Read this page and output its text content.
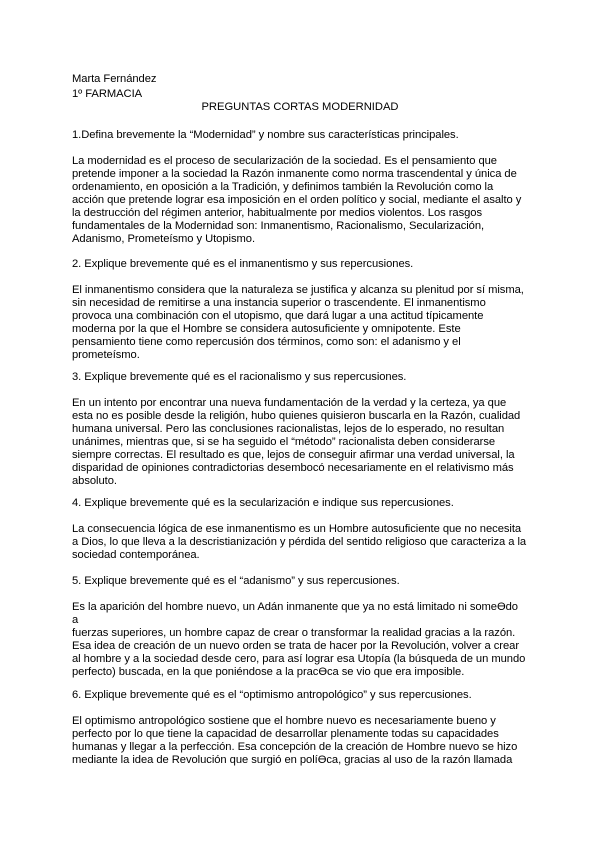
Marta Fernández
1º FARMACIA
PREGUNTAS CORTAS MODERNIDAD
1.Defina brevemente la “Modernidad” y nombre sus características principales.
La modernidad es el proceso de secularización de la sociedad. Es el pensamiento que
pretende imponer a la sociedad la Razón inmanente como norma trascendental y única de
ordenamiento, en oposición a la Tradición, y definimos también la Revolución como la
acción que pretende lograr esa imposición en el orden político y social, mediante el asalto y
la destrucción del régimen anterior, habitualmente por medios violentos. Los rasgos
fundamentales de la Modernidad son: Inmanentismo, Racionalismo, Secularización,
Adanismo, Prometeísmo y Utopismo.
2. Explique brevemente qué es el inmanentismo y sus repercusiones.
El inmanentismo considera que la naturaleza se justifica y alcanza su plenitud por sí misma,
sin necesidad de remitirse a una instancia superior o trascendente. El inmanentismo
provoca una combinación con el utopismo, que dará lugar a una actitud típicamente
moderna por la que el Hombre se considera autosuficiente y omnipotente. Este
pensamiento tiene como repercusión dos términos, como son: el adanismo y el
prometeísmo.
3. Explique brevemente qué es el racionalismo y sus repercusiones.
En un intento por encontrar una nueva fundamentación de la verdad y la certeza, ya que
esta no es posible desde la religión, hubo quienes quisieron buscarla en la Razón, cualidad
humana universal. Pero las conclusiones racionalistas, lejos de lo esperado, no resultan
unánimes, mientras que, si se ha seguido el “método” racionalista deben considerarse
siempre correctas. El resultado es que, lejos de conseguir afirmar una verdad universal, la
disparidad de opiniones contradictorias desembocó necesariamente en el relativismo más
absoluto.
4. Explique brevemente qué es la secularización e indique sus repercusiones.
La consecuencia lógica de ese inmanentismo es un Hombre autosuficiente que no necesita
a Dios, lo que lleva a la descristianización y pérdida del sentido religioso que caracteriza a la
sociedad contemporánea.
5. Explique brevemente qué es el “adanismo” y sus repercusiones.
Es la aparición del hombre nuevo, un Adán inmanente que ya no está limitado ni someϴdo
a
fuerzas superiores, un hombre capaz de crear o transformar la realidad gracias a la razón.
Esa idea de creación de un nuevo orden se trata de hacer por la Revolución, volver a crear
al hombre y a la sociedad desde cero, para así lograr esa Utopía (la búsqueda de un mundo
perfecto) buscada, en la que poniéndose a la pracϴca se vio que era imposible.
6. Explique brevemente qué es el “optimismo antropológico” y sus repercusiones.
El optimismo antropológico sostiene que el hombre nuevo es necesariamente bueno y
perfecto por lo que tiene la capacidad de desarrollar plenamente todas su capacidades
humanas y llegar a la perfección. Esa concepción de la creación de Hombre nuevo se hizo
mediante la idea de Revolución que surgió en políϴca, gracias al uso de la razón llamada
